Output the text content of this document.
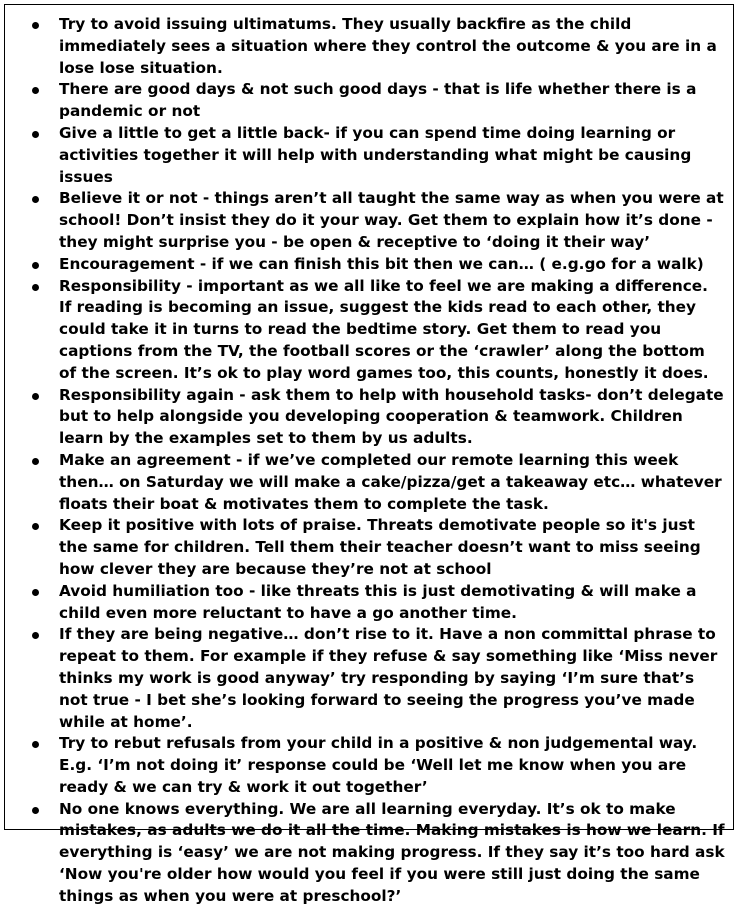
Try to avoid issuing ultimatums. They usually backfire as the child immediately sees a situation where they control the outcome & you are in a lose lose situation.
There are good days & not such good days - that is life whether there is a pandemic or not
Give a little to get a little back- if you can spend time doing learning or activities together it will help with understanding what might be causing issues
Believe it or not - things aren’t all taught the same way as when you were at school! Don’t insist they do it your way. Get them to explain how it’s done - they might surprise you - be open & receptive to ‘doing it their way’
Encouragement - if we can finish this bit then we can… ( e.g.go for a walk)
Responsibility - important as we all like to feel we are making a difference. If reading is becoming an issue, suggest the kids read to each other, they could take it in turns to read the bedtime story. Get them to read you captions from the TV, the football scores or the ‘crawler’ along the bottom of the screen. It’s ok to play word games too, this counts, honestly it does.
Responsibility again - ask them to help with household tasks- don’t delegate but to help alongside you developing cooperation & teamwork. Children learn by the examples set to them by us adults.
Make an agreement - if we’ve completed our remote learning this week then… on Saturday we will make a cake/pizza/get a takeaway etc… whatever floats their boat & motivates them to complete the task.
Keep it positive with lots of praise. Threats demotivate people so it's just the same for children. Tell them their teacher doesn’t want to miss seeing how clever they are because they’re not at school
Avoid humiliation too - like threats this is just demotivating & will make a child even more reluctant to have a go another time.
If they are being negative… don’t rise to it. Have a non committal phrase to repeat to them. For example if they refuse & say something like ‘Miss never thinks my work is good anyway’ try responding by saying ‘I’m sure that’s not true - I bet she’s looking forward to seeing the progress you’ve made while at home’.
Try to rebut refusals from your child in a positive & non judgemental way. E.g. ‘I’m not doing it’ response could be ‘Well let me know when you are ready & we can try & work it out together’
No one knows everything. We are all learning everyday. It’s ok to make mistakes, as adults we do it all the time. Making mistakes is how we learn. If everything is ‘easy’ we are not making progress. If they say it’s too hard ask ‘Now you're older how would you feel if you were still just doing the same things as when you were at preschool?’
